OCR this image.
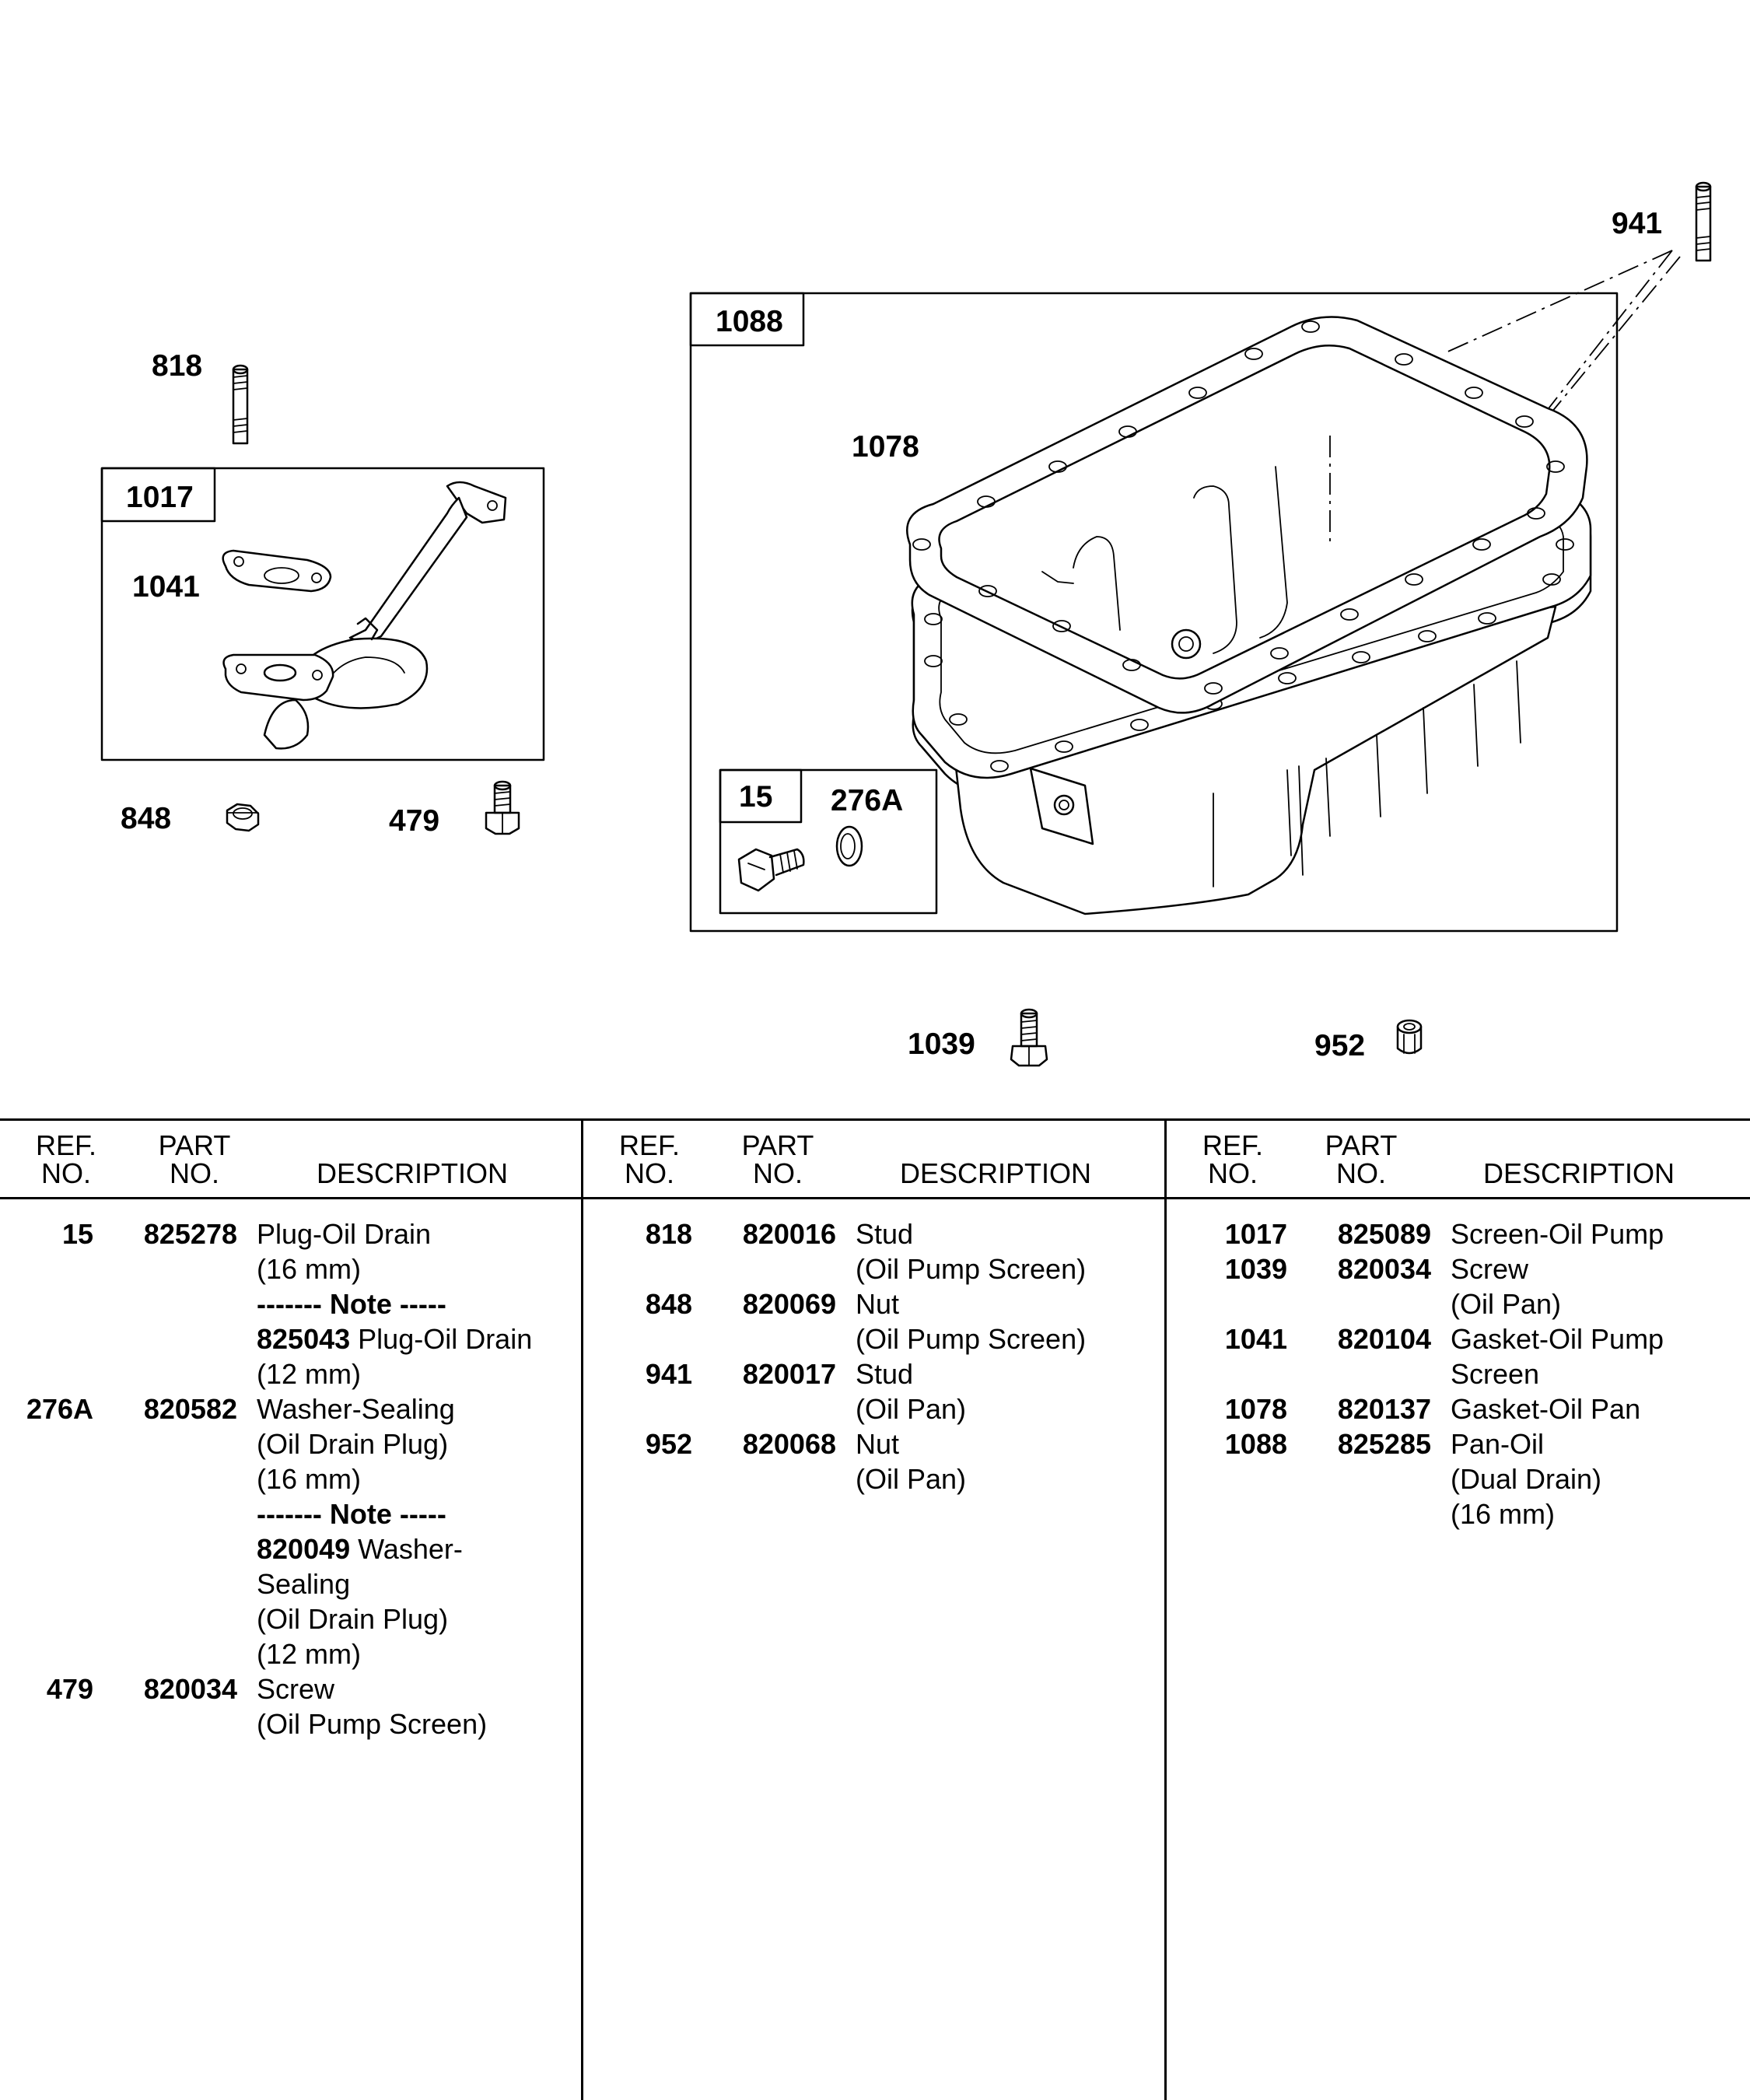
941
1088
1078
15 276A
818
1017
1041
848	479
1039	952
REF.
NO.
PART
NO.	DESCRIPTION
15	825278 Plug-Oil Drain
(16 mm)
------- Note -----
825043 Plug-Oil Drain
(12 mm)
276A	820582 Washer-Sealing
(Oil Drain Plug)
(16 mm)
------- Note -----
820049 Washer-
Sealing
(Oil Drain Plug)
(12 mm)
479	820034 Screw
(Oil Pump Screen)
REF.
NO.
PART
NO.	DESCRIPTION
818	820016 Stud
(Oil Pump Screen)
848	820069 Nut
(Oil Pump Screen)
941	820017 Stud
(Oil Pan)
952	820068 Nut
(Oil Pan)
REF.
NO.
PART
NO.	DESCRIPTION
1017	825089 Screen-Oil Pump
1039	820034 Screw
(Oil Pan)
1041	820104 Gasket-Oil Pump
Screen
1078	820137 Gasket-Oil Pan
1088	825285 Pan-Oil
(Dual Drain)
(16 mm)
